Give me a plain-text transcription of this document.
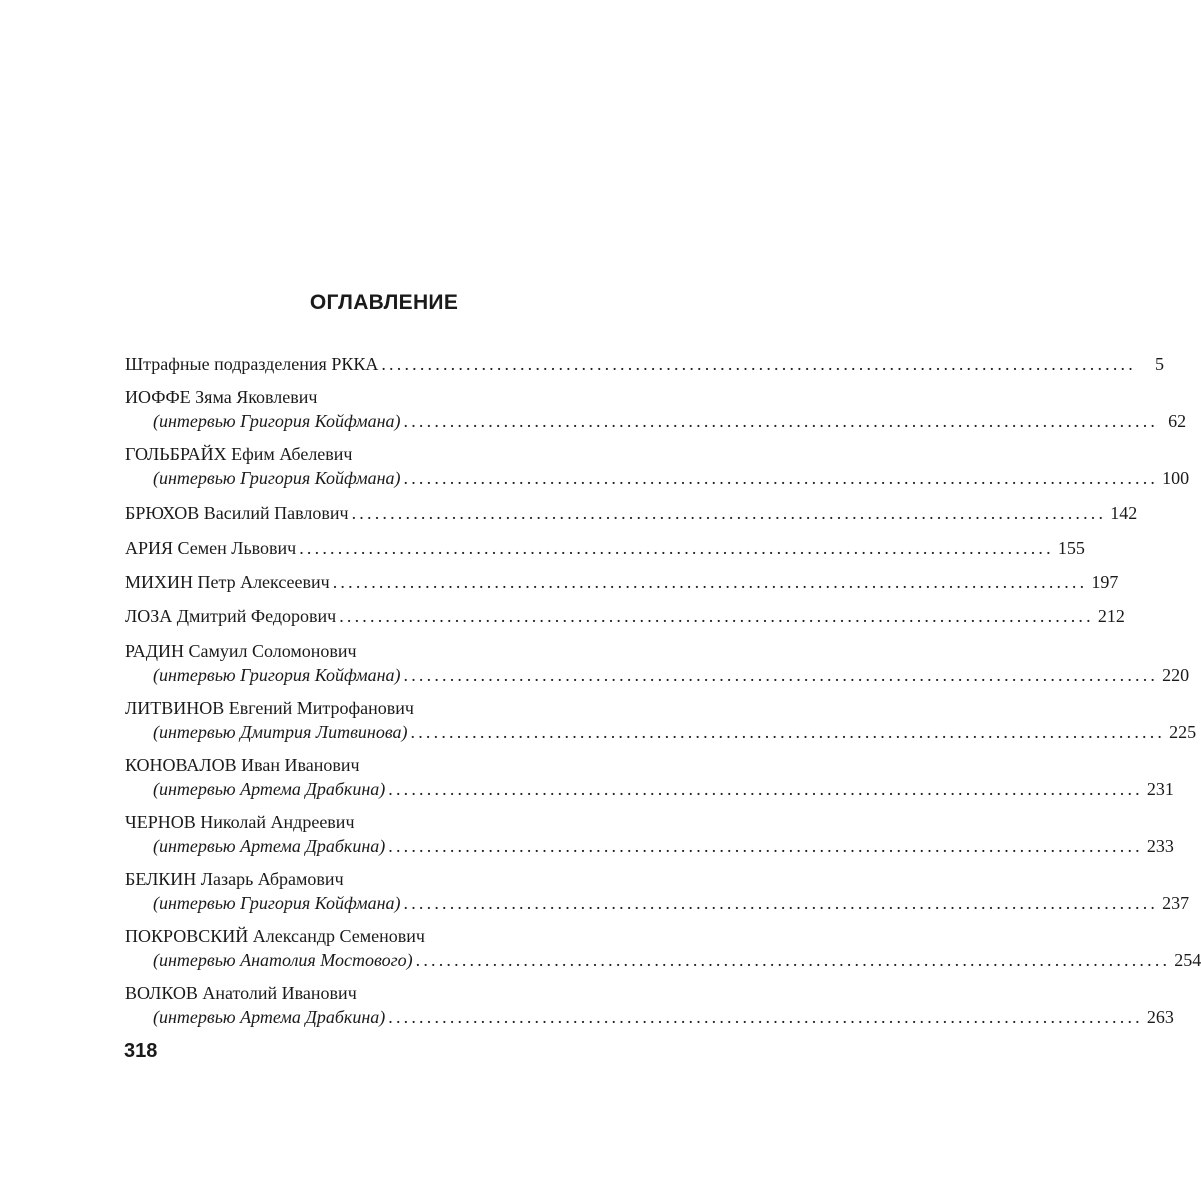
ОГЛАВЛЕНИЕ
Штрафные подразделения РККА ..................................................................................................	5
ИОФФЕ Зяма Яковлевич
(интервью Григория Койфмана) .................................................................................................. 62
ГОЛЬБРАЙХ Ефим Абелевич
(интервью Григория Койфмана) .................................................................................................. 100
БРЮХОВ Василий Павлович .................................................................................................. 142
АРИЯ Семен Львович .................................................................................................. 155
МИХИН Петр Алексеевич .................................................................................................. 197
ЛОЗА Дмитрий Федорович .................................................................................................. 212
РАДИН Самуил Соломонович
(интервью Григория Койфмана) .................................................................................................. 220
ЛИТВИНОВ Евгений Митрофанович
(интервью Дмитрия Литвинова) .................................................................................................. 225
КОНОВАЛОВ Иван Иванович
(интервью Артема Драбкина) .................................................................................................. 231
ЧЕРНОВ Николай Андреевич
(интервью Артема Драбкина) .................................................................................................. 233
БЕЛКИН Лазарь Абрамович
(интервью Григория Койфмана) .................................................................................................. 237
ПОКРОВСКИЙ Александр Семенович
(интервью Анатолия Мостового) .................................................................................................. 254
ВОЛКОВ Анатолий Иванович
(интервью Артема Драбкина) .................................................................................................. 263
318
